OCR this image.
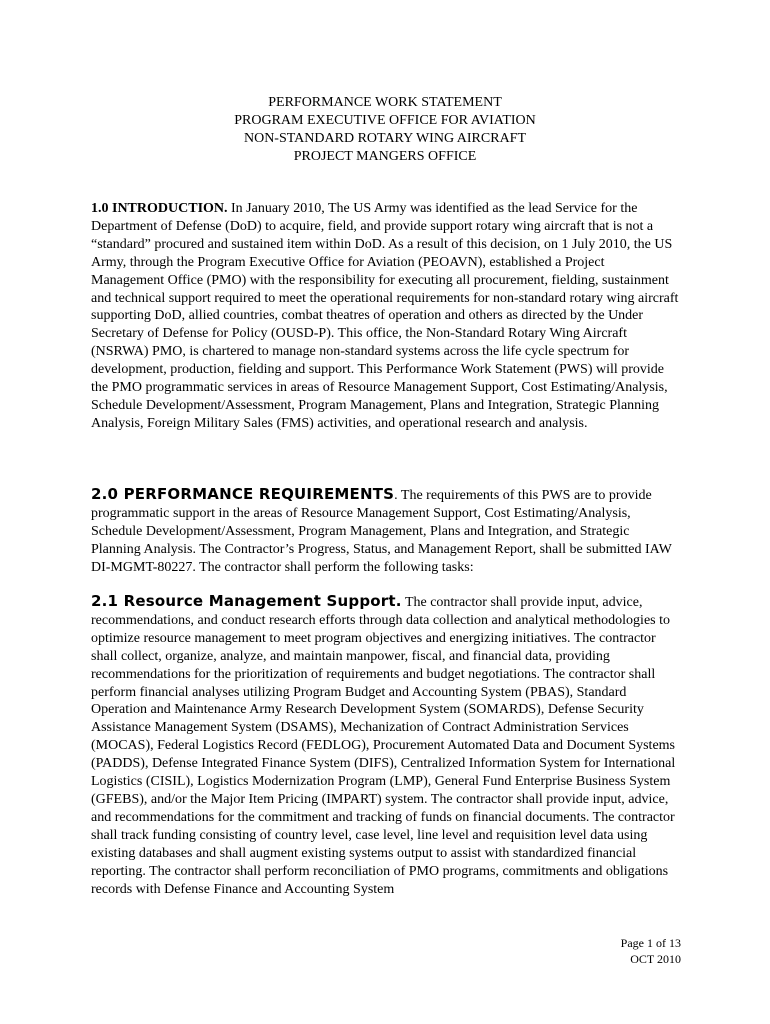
PERFORMANCE WORK STATEMENT
PROGRAM EXECUTIVE OFFICE FOR AVIATION
NON-STANDARD ROTARY WING AIRCRAFT
PROJECT MANGERS OFFICE
1.0 INTRODUCTION. In January 2010, The US Army was identified as the lead Service for the Department of Defense (DoD) to acquire, field, and provide support rotary wing aircraft that is not a “standard” procured and sustained item within DoD. As a result of this decision, on 1 July 2010, the US Army, through the Program Executive Office for Aviation (PEOAVN), established a Project Management Office (PMO) with the responsibility for executing all procurement, fielding, sustainment and technical support required to meet the operational requirements for non-standard rotary wing aircraft supporting DoD, allied countries, combat theatres of operation and others as directed by the Under Secretary of Defense for Policy (OUSD-P). This office, the Non-Standard Rotary Wing Aircraft (NSRWA) PMO, is chartered to manage non-standard systems across the life cycle spectrum for development, production, fielding and support. This Performance Work Statement (PWS) will provide the PMO programmatic services in areas of Resource Management Support, Cost Estimating/Analysis, Schedule Development/Assessment, Program Management, Plans and Integration, Strategic Planning Analysis, Foreign Military Sales (FMS) activities, and operational research and analysis.
2.0 PERFORMANCE REQUIREMENTS. The requirements of this PWS are to provide programmatic support in the areas of Resource Management Support, Cost Estimating/Analysis, Schedule Development/Assessment, Program Management, Plans and Integration, and Strategic Planning Analysis. The Contractor’s Progress, Status, and Management Report, shall be submitted IAW DI-MGMT-80227. The contractor shall perform the following tasks:
2.1 Resource Management Support. The contractor shall provide input, advice, recommendations, and conduct research efforts through data collection and analytical methodologies to optimize resource management to meet program objectives and energizing initiatives. The contractor shall collect, organize, analyze, and maintain manpower, fiscal, and financial data, providing recommendations for the prioritization of requirements and budget negotiations. The contractor shall perform financial analyses utilizing Program Budget and Accounting System (PBAS), Standard Operation and Maintenance Army Research Development System (SOMARDS), Defense Security Assistance Management System (DSAMS), Mechanization of Contract Administration Services (MOCAS), Federal Logistics Record (FEDLOG), Procurement Automated Data and Document Systems (PADDS), Defense Integrated Finance System (DIFS), Centralized Information System for International Logistics (CISIL), Logistics Modernization Program (LMP), General Fund Enterprise Business System (GFEBS), and/or the Major Item Pricing (IMPART) system. The contractor shall provide input, advice, and recommendations for the commitment and tracking of funds on financial documents. The contractor shall track funding consisting of country level, case level, line level and requisition level data using existing databases and shall augment existing systems output to assist with standardized financial reporting. The contractor shall perform reconciliation of PMO programs, commitments and obligations records with Defense Finance and Accounting System
Page 1 of 13
OCT 2010
